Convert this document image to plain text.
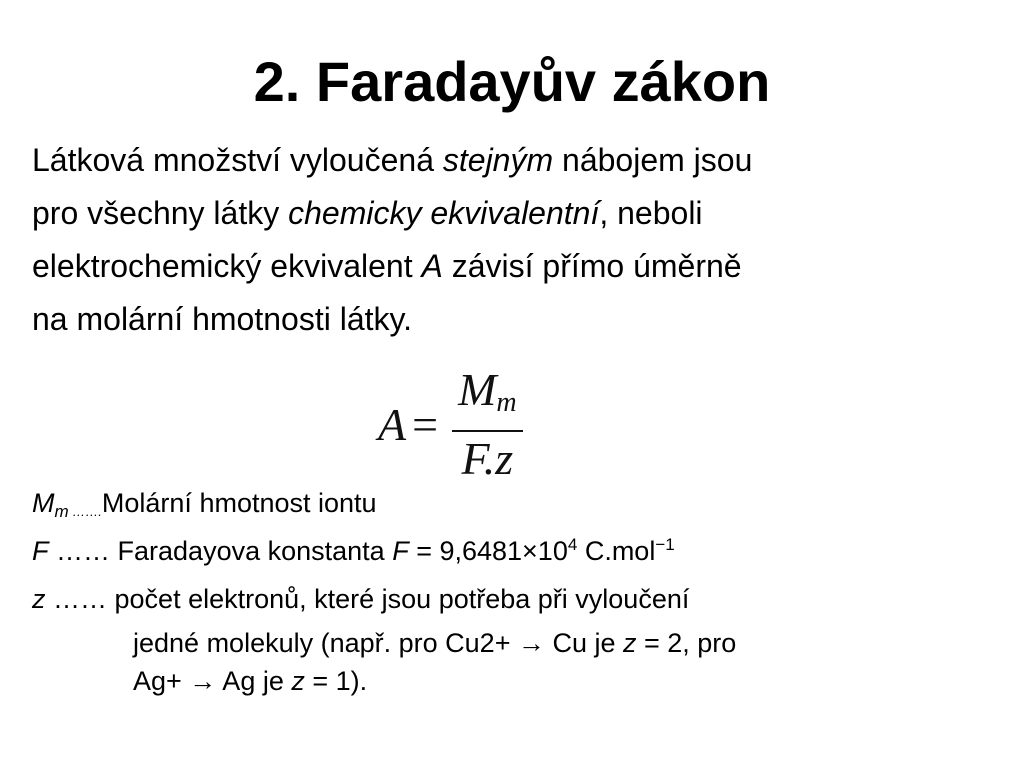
2. Faradayův zákon
Látková množství vyloučená stejným nábojem jsou
pro všechny látky chemicky ekvivalentní, neboli
elektrochemický ekvivalent A závisí přímo úměrně
na molární hmotnosti látky.
$A = \frac{M_m}{F.z}$
Mm …….Molární hmotnost iontu
F …… Faradayova konstanta $F = 9,6481\times 10^4$ C.mol$^{-1}$
z …… počet elektronů, které jsou potřeba při vyloučení
jedné molekuly (např. pro Cu2+ → Cu je z = 2, pro
Ag+ → Ag je z = 1).
